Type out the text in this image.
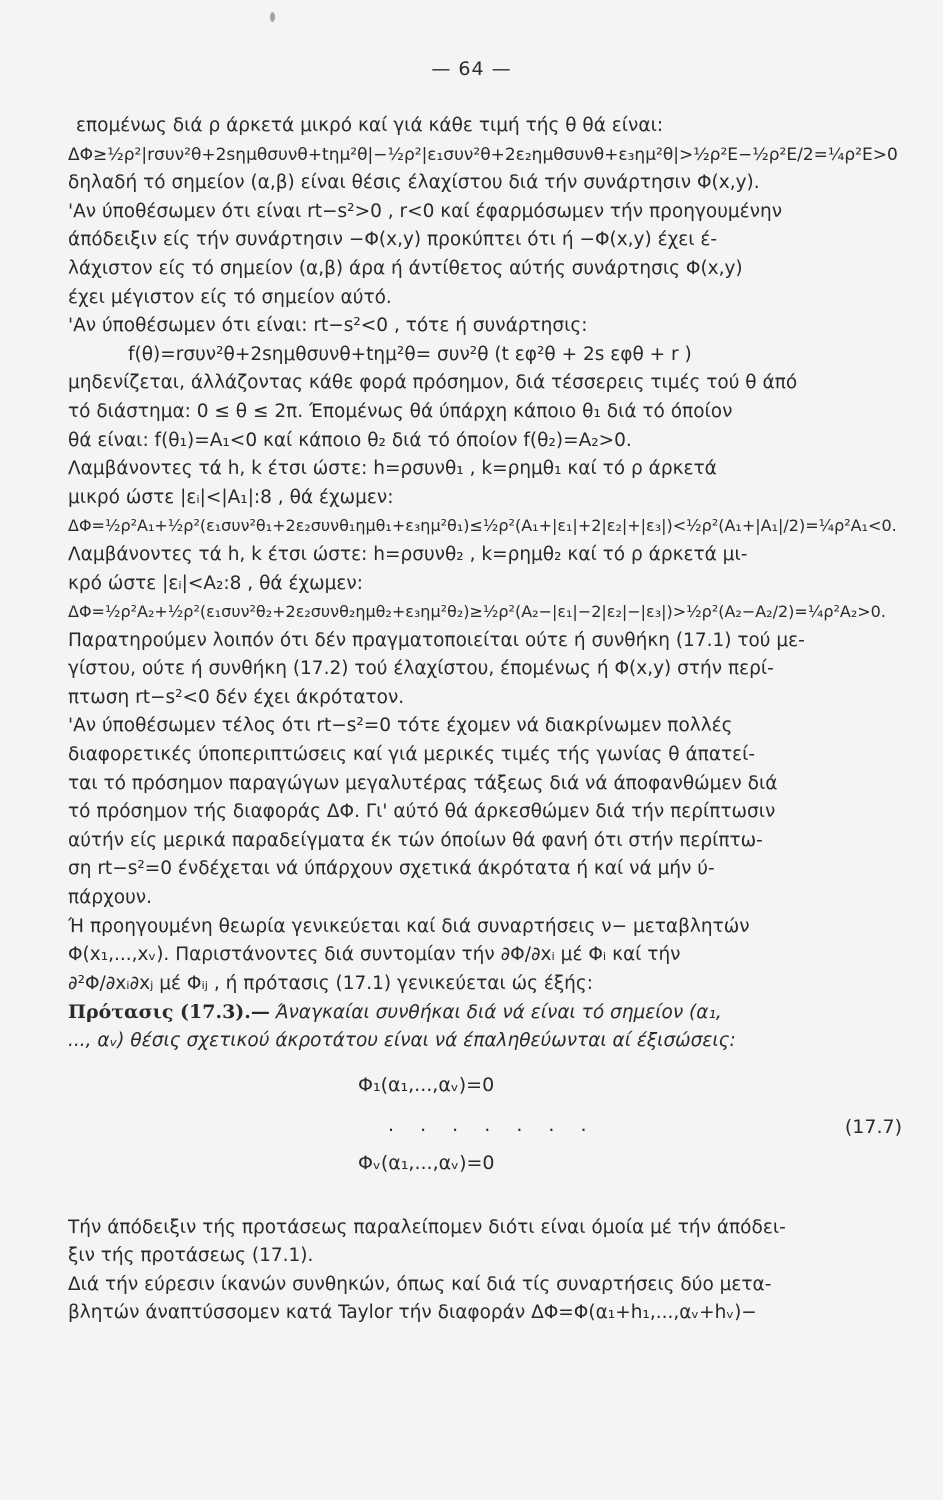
— 64 —
επομένως διά ρ άρκετά μικρό καί γιά κάθε τιμή τής θ θά είναι:
ΔΦ≥½ρ²|rσυν²θ+2sημθσυνθ+tημ²θ|−½ρ²|ε₁συν²θ+2ε₂ημθσυνθ+ε₃ημ²θ|>½ρ²Ε−½ρ²Ε/2=¼ρ²Ε>0
δηλαδή τό σημείον (α,β) είναι θέσις έλαχίστου διά τήν συνάρτησιν Φ(x,y).
'Αν ύποθέσωμεν ότι είναι rt−s²>0 , r<0 καί έφαρμόσωμεν τήν προηγουμένην
άπόδειξιν είς τήν συνάρτησιν −Φ(x,y) προκύπτει ότι ή −Φ(x,y) έχει έ-
λάχιστον είς τό σημείον (α,β) άρα ή άντίθετος αύτής συνάρτησις Φ(x,y)
έχει μέγιστον είς τό σημείον αύτό.
'Αν ύποθέσωμεν ότι είναι: rt−s²<0 , τότε ή συνάρτησις:
f(θ)=rσυν²θ+2sημθσυνθ+tημ²θ= συν²θ (t εφ²θ + 2s εφθ + r )
μηδενίζεται, άλλάζοντας κάθε φορά πρόσημον, διά τέσσερεις τιμές τού θ άπό
τό διάστημα: 0 ≤ θ ≤ 2π. Έπομένως θά ύπάρχη κάποιο θ₁ διά τό όποίον
θά είναι: f(θ₁)=A₁<0 καί κάποιο θ₂ διά τό όποίον f(θ₂)=A₂>0.
Λαμβάνοντες τά h, k έτσι ώστε: h=ρσυνθ₁ , k=ρημθ₁ καί τό ρ άρκετά
μικρό ώστε |εᵢ|<|A₁|:8 , θά έχωμεν:
ΔΦ=½ρ²A₁+½ρ²(ε₁συν²θ₁+2ε₂συνθ₁ημθ₁+ε₃ημ²θ₁)≤½ρ²(A₁+|ε₁|+2|ε₂|+|ε₃|)<½ρ²(A₁+|A₁|/2)=¼ρ²A₁<0.
Λαμβάνοντες τά h, k έτσι ώστε: h=ρσυνθ₂ , k=ρημθ₂ καί τό ρ άρκετά μι-
κρό ώστε |εᵢ|<A₂:8 , θά έχωμεν:
ΔΦ=½ρ²A₂+½ρ²(ε₁συν²θ₂+2ε₂συνθ₂ημθ₂+ε₃ημ²θ₂)≥½ρ²(A₂−|ε₁|−2|ε₂|−|ε₃|)>½ρ²(A₂−A₂/2)=¼ρ²A₂>0.
Παρατηρούμεν λοιπόν ότι δέν πραγματοποιείται ούτε ή συνθήκη (17.1) τού με-
γίστου, ούτε ή συνθήκη (17.2) τού έλαχίστου, έπομένως ή Φ(x,y) στήν περί-
πτωση rt−s²<0 δέν έχει άκρότατον.
'Αν ύποθέσωμεν τέλος ότι rt−s²=0 τότε έχομεν νά διακρίνωμεν πολλές
διαφορετικές ύποπεριπτώσεις καί γιά μερικές τιμές τής γωνίας θ άπατεί-
ται τό πρόσημον παραγώγων μεγαλυτέρας τάξεως διά νά άποφανθώμεν διά
τό πρόσημον τής διαφοράς ΔΦ. Γι' αύτό θά άρκεσθώμεν διά τήν περίπτωσιν
αύτήν είς μερικά παραδείγματα έκ τών όποίων θά φανή ότι στήν περίπτω-
ση rt−s²=0 ένδέχεται νά ύπάρχουν σχετικά άκρότατα ή καί νά μήν ύ-
πάρχουν.
Ή προηγουμένη θεωρία γενικεύεται καί διά συναρτήσεις ν− μεταβλητών
Φ(x₁,...,xᵥ). Παριστάνοντες διά συντομίαν τήν ∂Φ/∂xᵢ μέ Φᵢ καί τήν
∂²Φ/∂xᵢ∂xⱼ μέ Φᵢⱼ , ή πρότασις (17.1) γενικεύεται ώς έξής:
Πρότασις (17.3).— Άναγκαίαι συνθήκαι διά νά είναι τό σημείον (α₁,
..., αᵥ) θέσις σχετικού άκροτάτου είναι νά έπαληθεύωνται αί έξισώσεις:
Φ₁(α₁,...,αᵥ)=0
. . . . . . .
Φᵥ(α₁,...,αᵥ)=0
(17.7)
Τήν άπόδειξιν τής προτάσεως παραλείπομεν διότι είναι όμοία μέ τήν άπόδει-
ξιν τής προτάσεως (17.1).
Διά τήν εύρεσιν ίκανών συνθηκών, όπως καί διά τίς συναρτήσεις δύο μετα-
βλητών άναπτύσσομεν κατά Taylor τήν διαφοράν ΔΦ=Φ(α₁+h₁,...,αᵥ+hᵥ)−
